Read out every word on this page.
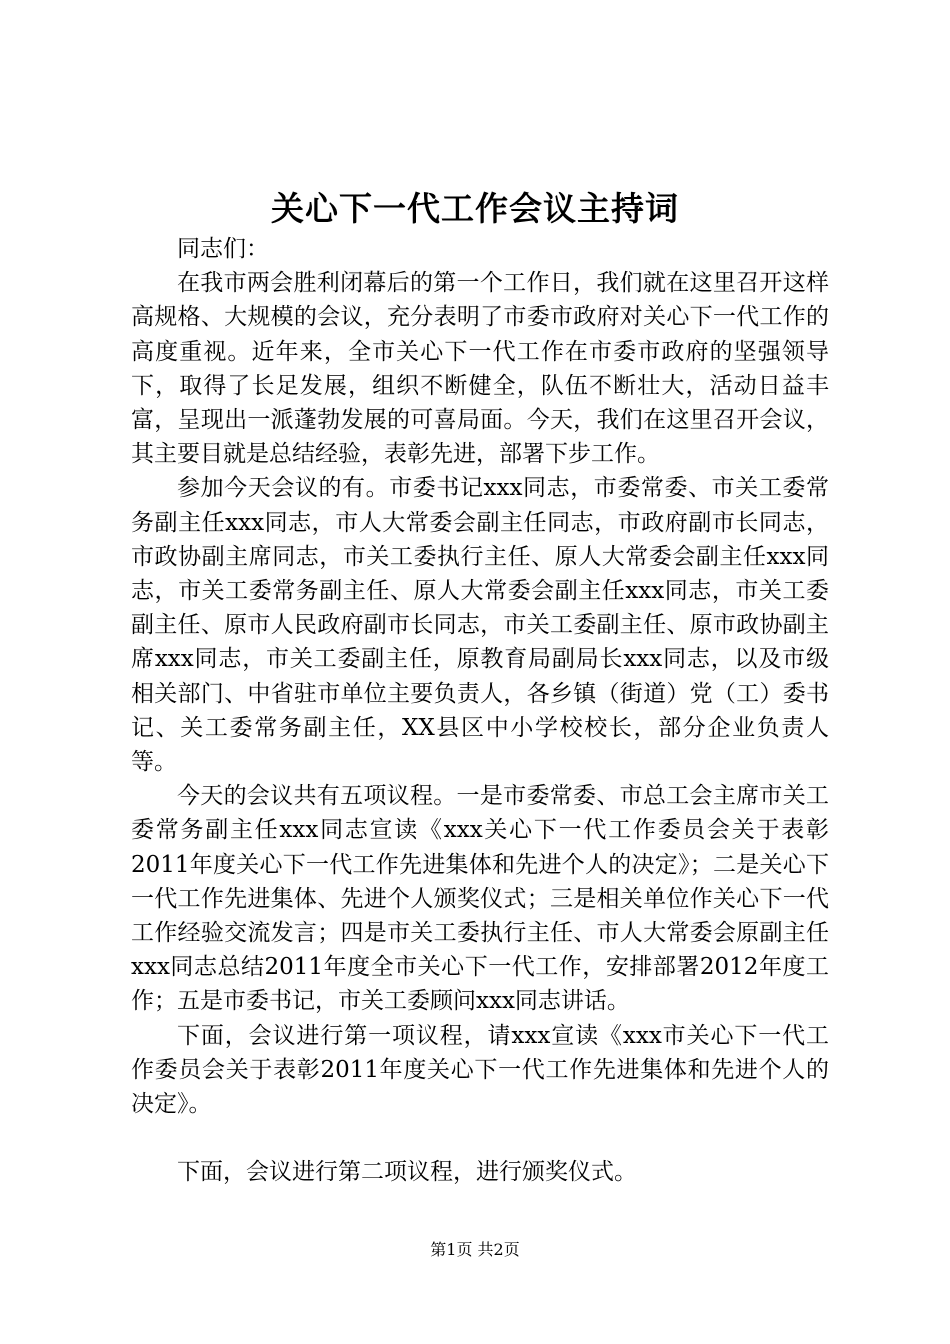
关心下一代工作会议主持词

同志们：

在我市两会胜利闭幕后的第一个工作日，我们就在这里召开这样高规格、大规模的会议，充分表明了市委市政府对关心下一代工作的高度重视。近年来，全市关心下一代工作在市委市政府的坚强领导下，取得了长足发展，组织不断健全，队伍不断壮大，活动日益丰富，呈现出一派蓬勃发展的可喜局面。今天，我们在这里召开会议，其主要目就是总结经验，表彰先进，部署下步工作。

参加今天会议的有。市委书记xxx同志，市委常委、市关工委常务副主任xxx同志，市人大常委会副主任同志，市政府副市长同志，市政协副主席同志，市关工委执行主任、原人大常委会副主任xxx同志，市关工委常务副主任、原人大常委会副主任xxx同志，市关工委副主任、原市人民政府副市长同志，市关工委副主任、原市政协副主席xxx同志，市关工委副主任，原教育局副局长xxx同志，以及市级相关部门、中省驻市单位主要负责人，各乡镇（街道）党（工）委书记、关工委常务副主任，XX县区中小学校校长，部分企业负责人等。

今天的会议共有五项议程。一是市委常委、市总工会主席市关工委常务副主任xxx同志宣读《xxx关心下一代工作委员会关于表彰2011年度关心下一代工作先进集体和先进个人的决定》；二是关心下一代工作先进集体、先进个人颁奖仪式；三是相关单位作关心下一代工作经验交流发言；四是市关工委执行主任、市人大常委会原副主任xxx同志总结2011年度全市关心下一代工作，安排部署2012年度工作；五是市委书记，市关工委顾问xxx同志讲话。

下面，会议进行第一项议程，请xxx宣读《xxx市关心下一代工作委员会关于表彰2011年度关心下一代工作先进集体和先进个人的决定》。

下面，会议进行第二项议程，进行颁奖仪式。

第1页 共2页
